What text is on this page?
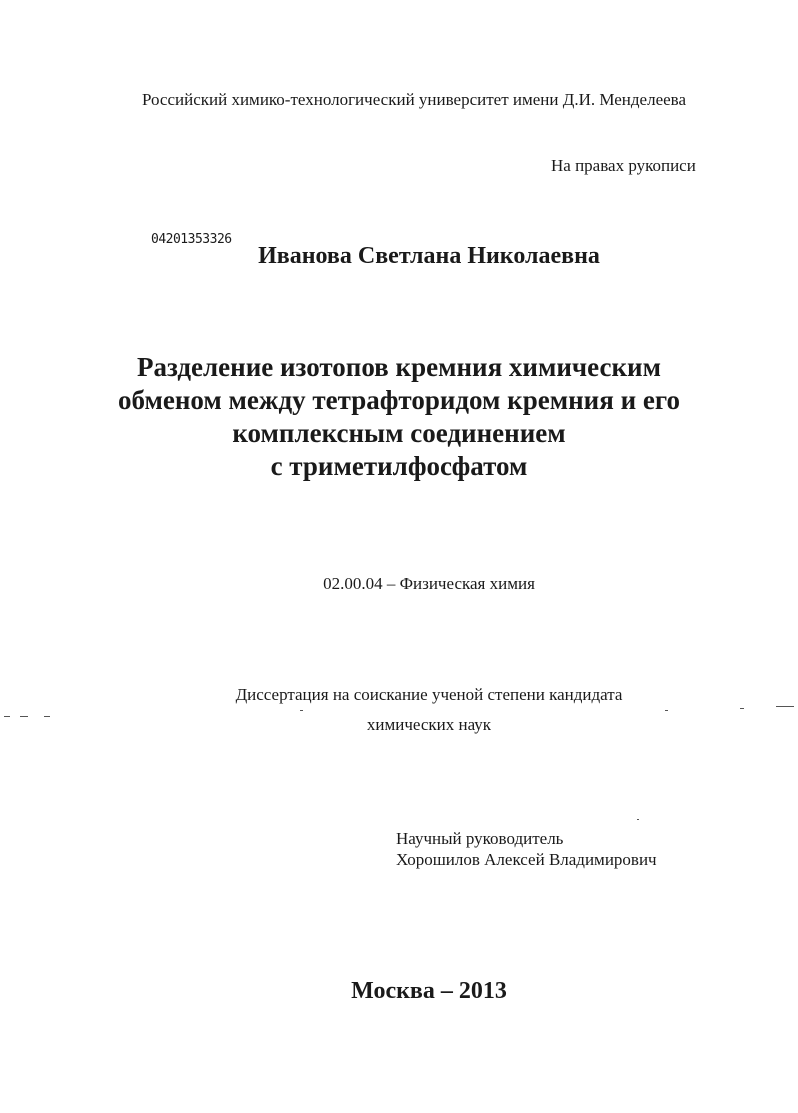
Российский химико-технологический университет имени Д.И. Менделеева
На правах рукописи
04201353326
Иванова Светлана Николаевна
Разделение изотопов кремния химическим
обменом между тетрафторидом кремния и его
комплексным соединением
с триметилфосфатом
02.00.04 – Физическая химия
Диссертация на соискание ученой степени кандидата
химических наук
Научный руководитель
Хорошилов Алексей Владимирович
Москва – 2013
